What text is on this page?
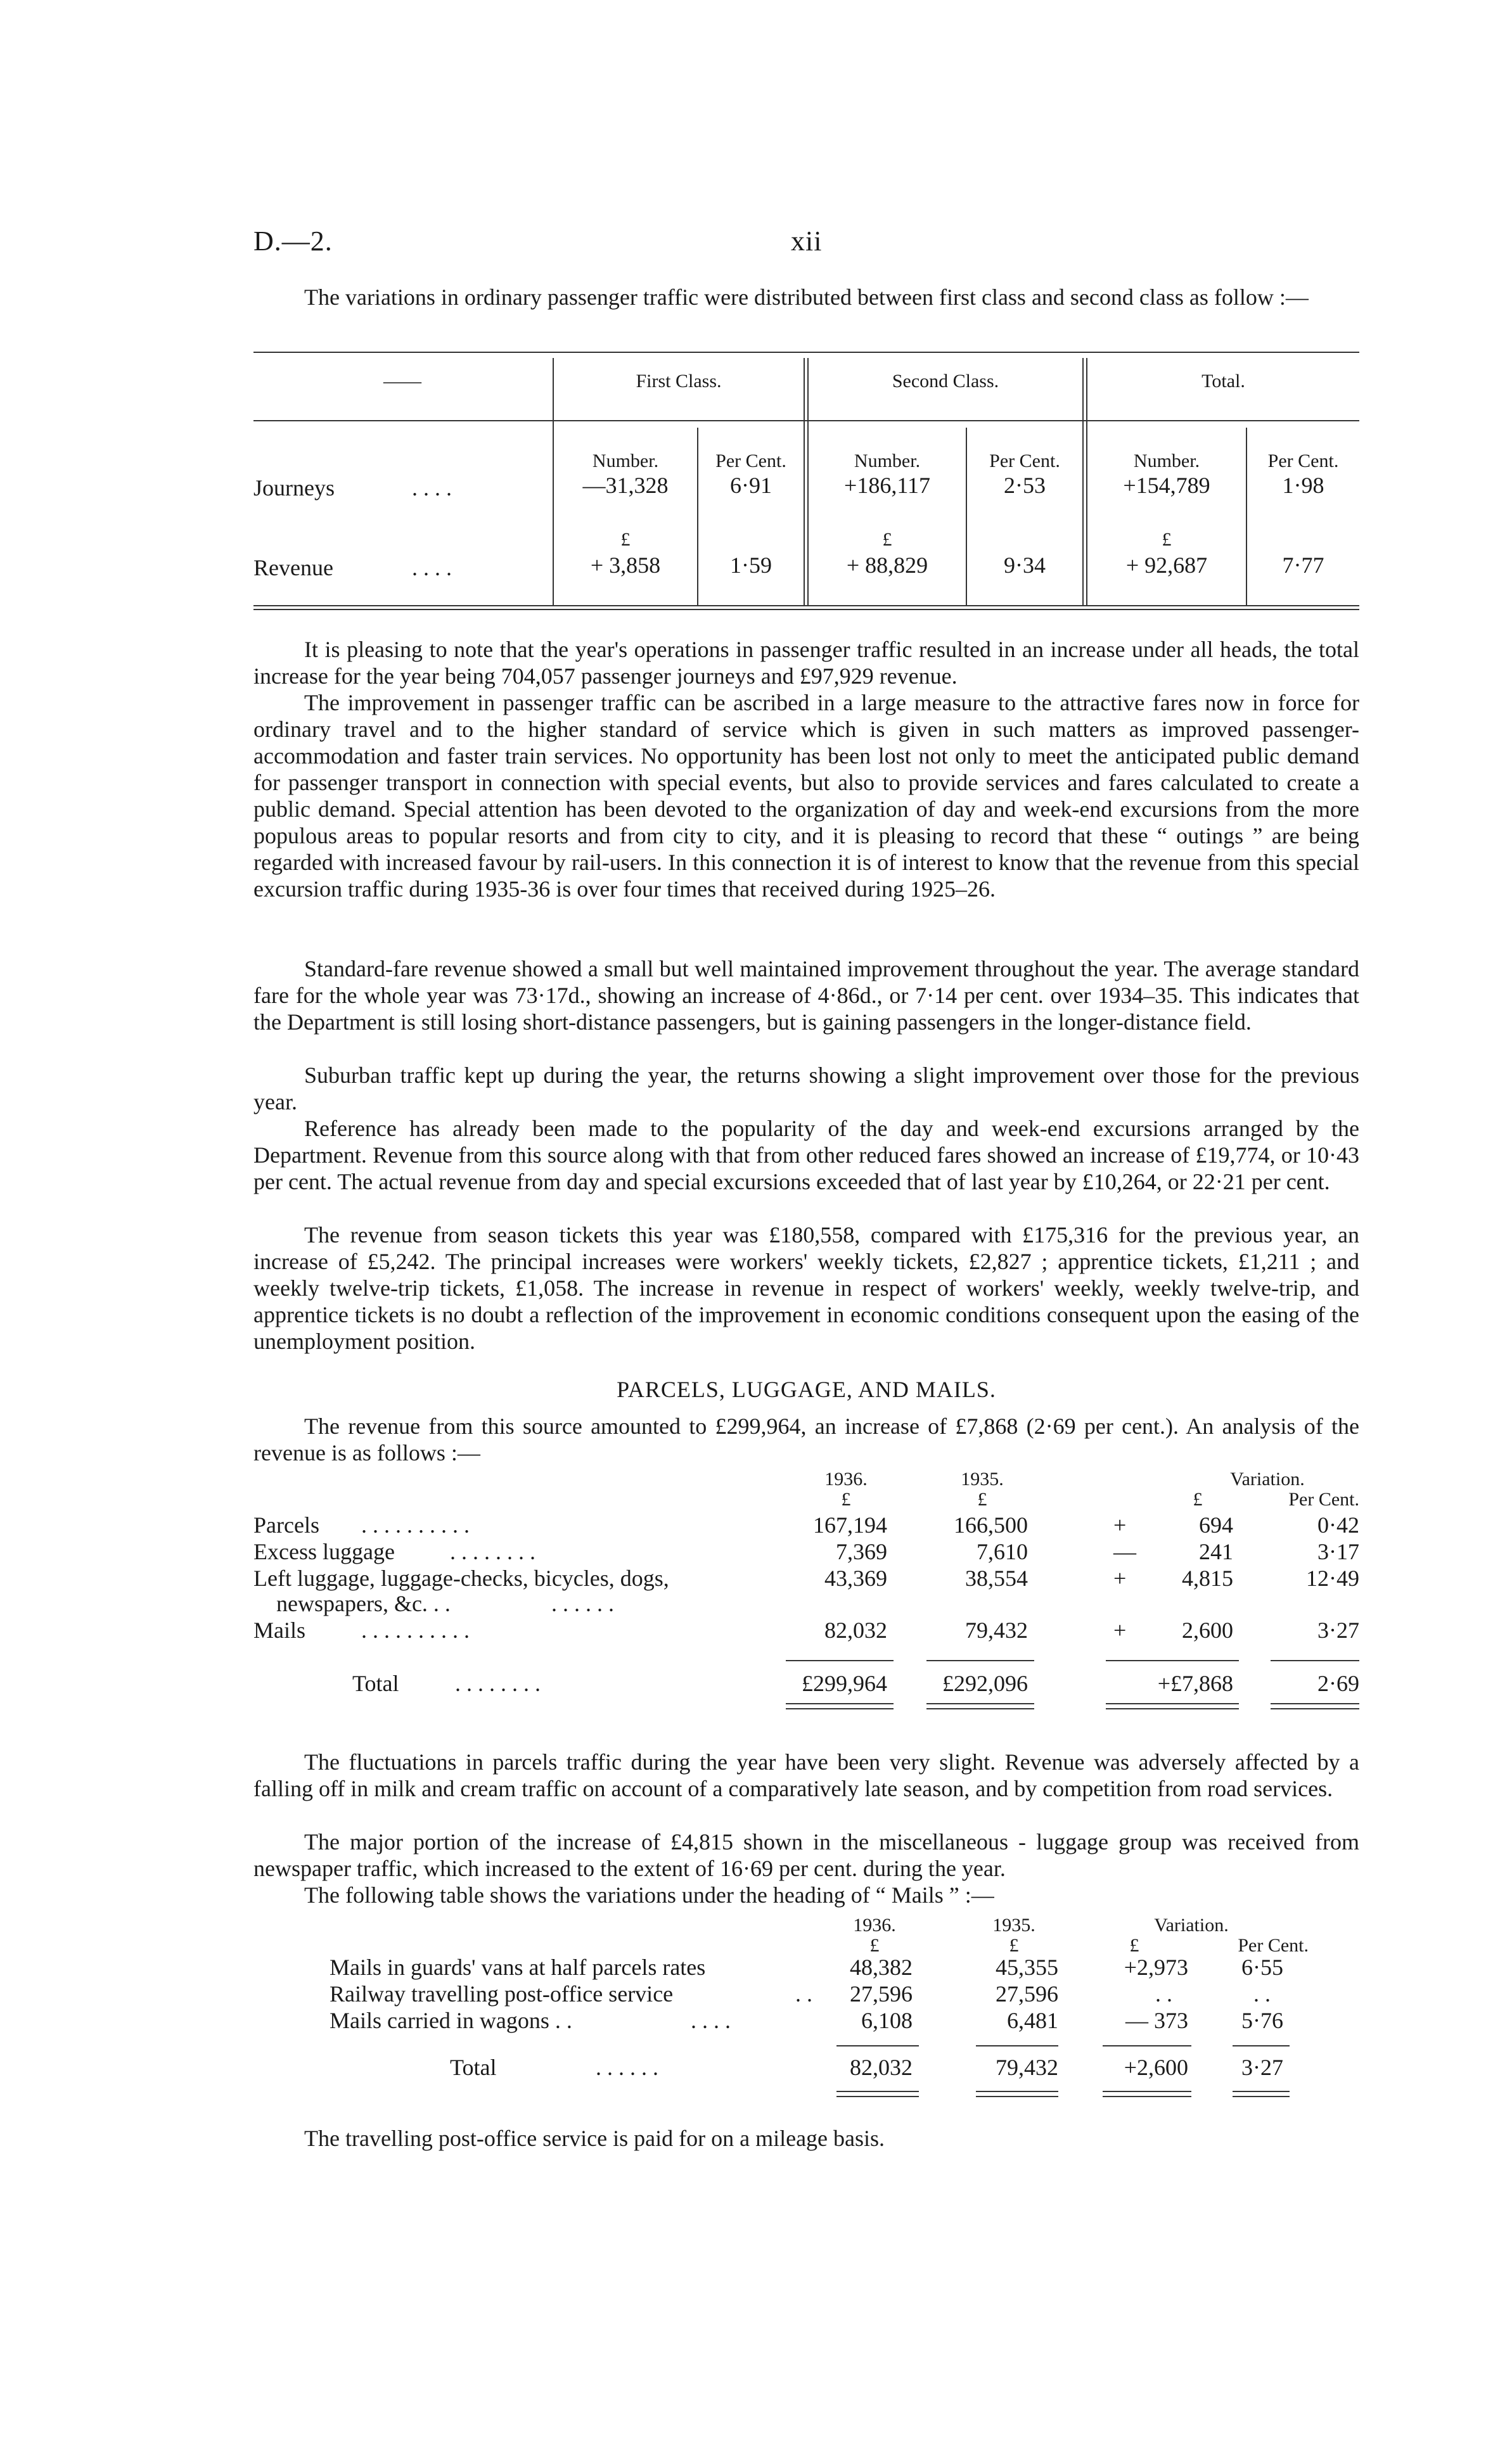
D.—2.	xii

The variations in ordinary passenger traffic were distributed between first class and second class as follow :—

——	First Class.	Second Class.	Total.
Number.	Per Cent.	Number.	Per Cent.	Number.	Per Cent.
Journeys	. . . .	—31,328	6·91	+186,117	2·53	+154,789	1·98
£	£	£
Revenue	. . . .	+ 3,858	1·59	+ 88,829	9·34	+ 92,687	7·77

It is pleasing to note that the year's operations in passenger traffic resulted in an increase under all heads, the total increase for the year being 704,057 passenger journeys and £97,929 revenue.

The improvement in passenger traffic can be ascribed in a large measure to the attractive fares now in force for ordinary travel and to the higher standard of service which is given in such matters as improved passenger-accommodation and faster train services. No opportunity has been lost not only to meet the anticipated public demand for passenger transport in connection with special events, but also to provide services and fares calculated to create a public demand. Special attention has been devoted to the organization of day and week-end excursions from the more populous areas to popular resorts and from city to city, and it is pleasing to record that these “ outings ” are being regarded with increased favour by rail-users. In this connection it is of interest to know that the revenue from this special excursion traffic during 1935-36 is over four times that received during 1925–26.

Standard-fare revenue showed a small but well maintained improvement throughout the year. The average standard fare for the whole year was 73·17d., showing an increase of 4·86d., or 7·14 per cent. over 1934–35. This indicates that the Department is still losing short-distance passengers, but is gaining passengers in the longer-distance field.

Suburban traffic kept up during the year, the returns showing a slight improvement over those for the previous year.

Reference has already been made to the popularity of the day and week-end excursions arranged by the Department. Revenue from this source along with that from other reduced fares showed an increase of £19,774, or 10·43 per cent. The actual revenue from day and special excursions exceeded that of last year by £10,264, or 22·21 per cent.

The revenue from season tickets this year was £180,558, compared with £175,316 for the previous year, an increase of £5,242. The principal increases were workers' weekly tickets, £2,827 ; apprentice tickets, £1,211 ; and weekly twelve-trip tickets, £1,058. The increase in revenue in respect of workers' weekly, weekly twelve-trip, and apprentice tickets is no doubt a reflection of the improvement in economic conditions consequent upon the easing of the unemployment position.

PARCELS, LUGGAGE, AND MAILS.

The revenue from this source amounted to £299,964, an increase of £7,868 (2·69 per cent.). An analysis of the revenue is as follows :—

1936.	1935.	Variation.
£	£	£	Per Cent.
Parcels . . . . . . . . . .	167,194	166,500	+	694	0·42
Excess luggage . . . . . . . .	7,369	7,610	—	241	3·17
Left luggage, luggage-checks, bicycles, dogs,	43,369	38,554	+	4,815	12·49
newspapers, &c. . .	. . . . . .
Mails . . . . . . . . . .	82,032	79,432	+	2,600	3·27
Total . . . . . . . .	£299,964	£292,096	+£7,868	2·69

The fluctuations in parcels traffic during the year have been very slight. Revenue was adversely affected by a falling off in milk and cream traffic on account of a comparatively late season, and by competition from road services.

The major portion of the increase of £4,815 shown in the miscellaneous - luggage group was received from newspaper traffic, which increased to the extent of 16·69 per cent. during the year.

The following table shows the variations under the heading of “ Mails ” :—

1936.	1935.	Variation.
£	£	£	Per Cent.
Mails in guards' vans at half parcels rates	48,382	45,355	+2,973	6·55
Railway travelling post-office service	. .	27,596	27,596	. .	. .
Mails carried in wagons . .	. . . .	6,108	6,481	— 373	5·76
Total	. . . . . .	82,032	79,432	+2,600	3·27

The travelling post-office service is paid for on a mileage basis.
